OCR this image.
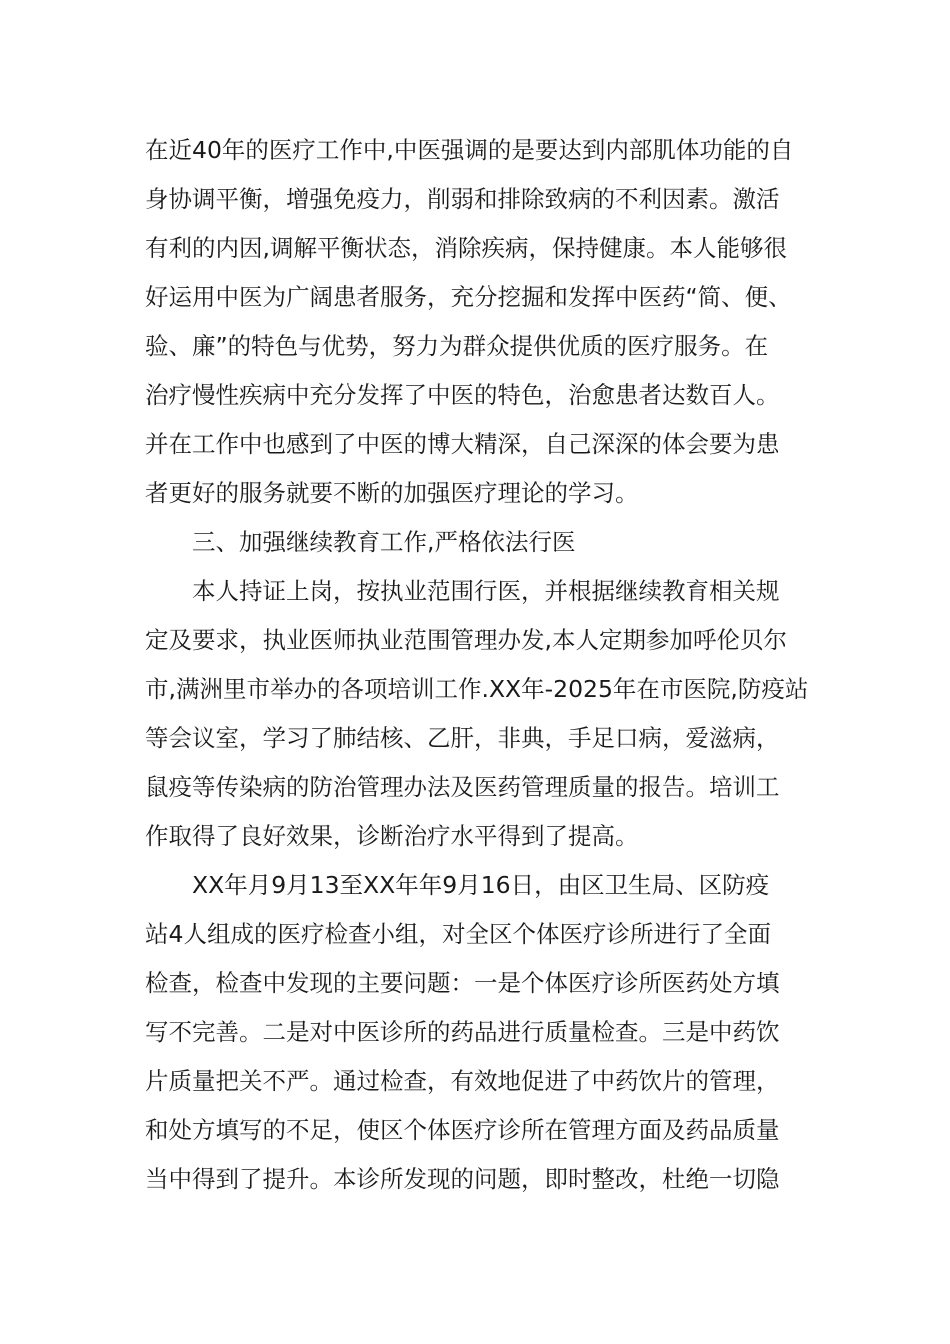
在近40年的医疗工作中,中医强调的是要达到内部肌体功能的自
身协调平衡，增强免疫力，削弱和排除致病的不利因素。激活
有利的内因,调解平衡状态，消除疾病，保持健康。本人能够很
好运用中医为广阔患者服务，充分挖掘和发挥中医药“简、便、
验、廉”的特色与优势，努力为群众提供优质的医疗服务。在
治疗慢性疾病中充分发挥了中医的特色，治愈患者达数百人。
并在工作中也感到了中医的博大精深，自己深深的体会要为患
者更好的服务就要不断的加强医疗理论的学习。
三、加强继续教育工作,严格依法行医
本人持证上岗，按执业范围行医，并根据继续教育相关规
定及要求，执业医师执业范围管理办发,本人定期参加呼伦贝尔
市,满洲里市举办的各项培训工作.XX年-2025年在市医院,防疫站
等会议室，学习了肺结核、乙肝，非典，手足口病，爱滋病，
鼠疫等传染病的防治管理办法及医药管理质量的报告。培训工
作取得了良好效果，诊断治疗水平得到了提高。
XX年月9月13至XX年年9月16日，由区卫生局、区防疫
站4人组成的医疗检查小组，对全区个体医疗诊所进行了全面
检查，检查中发现的主要问题：一是个体医疗诊所医药处方填
写不完善。二是对中医诊所的药品进行质量检查。三是中药饮
片质量把关不严。通过检查，有效地促进了中药饮片的管理，
和处方填写的不足，使区个体医疗诊所在管理方面及药品质量
当中得到了提升。本诊所发现的问题，即时整改，杜绝一切隐
